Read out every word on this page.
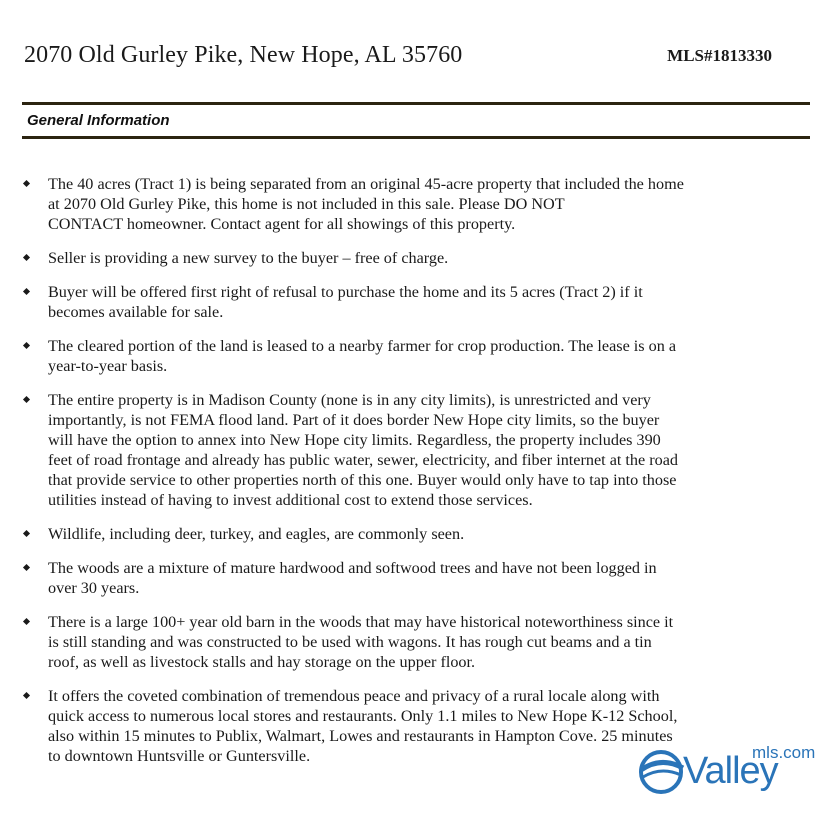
2070 Old Gurley Pike, New Hope, AL 35760	MLS#1813330
General Information
The 40 acres (Tract 1) is being separated from an original 45-acre property that included the home
at 2070 Old Gurley Pike, this home is not included in this sale. Please DO NOT
CONTACT homeowner. Contact agent for all showings of this property.
Seller is providing a new survey to the buyer – free of charge.
Buyer will be offered first right of refusal to purchase the home and its 5 acres (Tract 2) if it
becomes available for sale.
The cleared portion of the land is leased to a nearby farmer for crop production. The lease is on a
year-to-year basis.
The entire property is in Madison County (none is in any city limits), is unrestricted and very
importantly, is not FEMA flood land. Part of it does border New Hope city limits, so the buyer
will have the option to annex into New Hope city limits. Regardless, the property includes 390
feet of road frontage and already has public water, sewer, electricity, and fiber internet at the road
that provide service to other properties north of this one. Buyer would only have to tap into those
utilities instead of having to invest additional cost to extend those services.
Wildlife, including deer, turkey, and eagles, are commonly seen.
The woods are a mixture of mature hardwood and softwood trees and have not been logged in
over 30 years.
There is a large 100+ year old barn in the woods that may have historical noteworthiness since it
is still standing and was constructed to be used with wagons. It has rough cut beams and a tin
roof, as well as livestock stalls and hay storage on the upper floor.
It offers the coveted combination of tremendous peace and privacy of a rural locale along with
quick access to numerous local stores and restaurants. Only 1.1 miles to New Hope K-12 School,
also within 15 minutes to Publix, Walmart, Lowes and restaurants in Hampton Cove. 25 minutes
to downtown Huntsville or Guntersville.	Valley
mls.com
